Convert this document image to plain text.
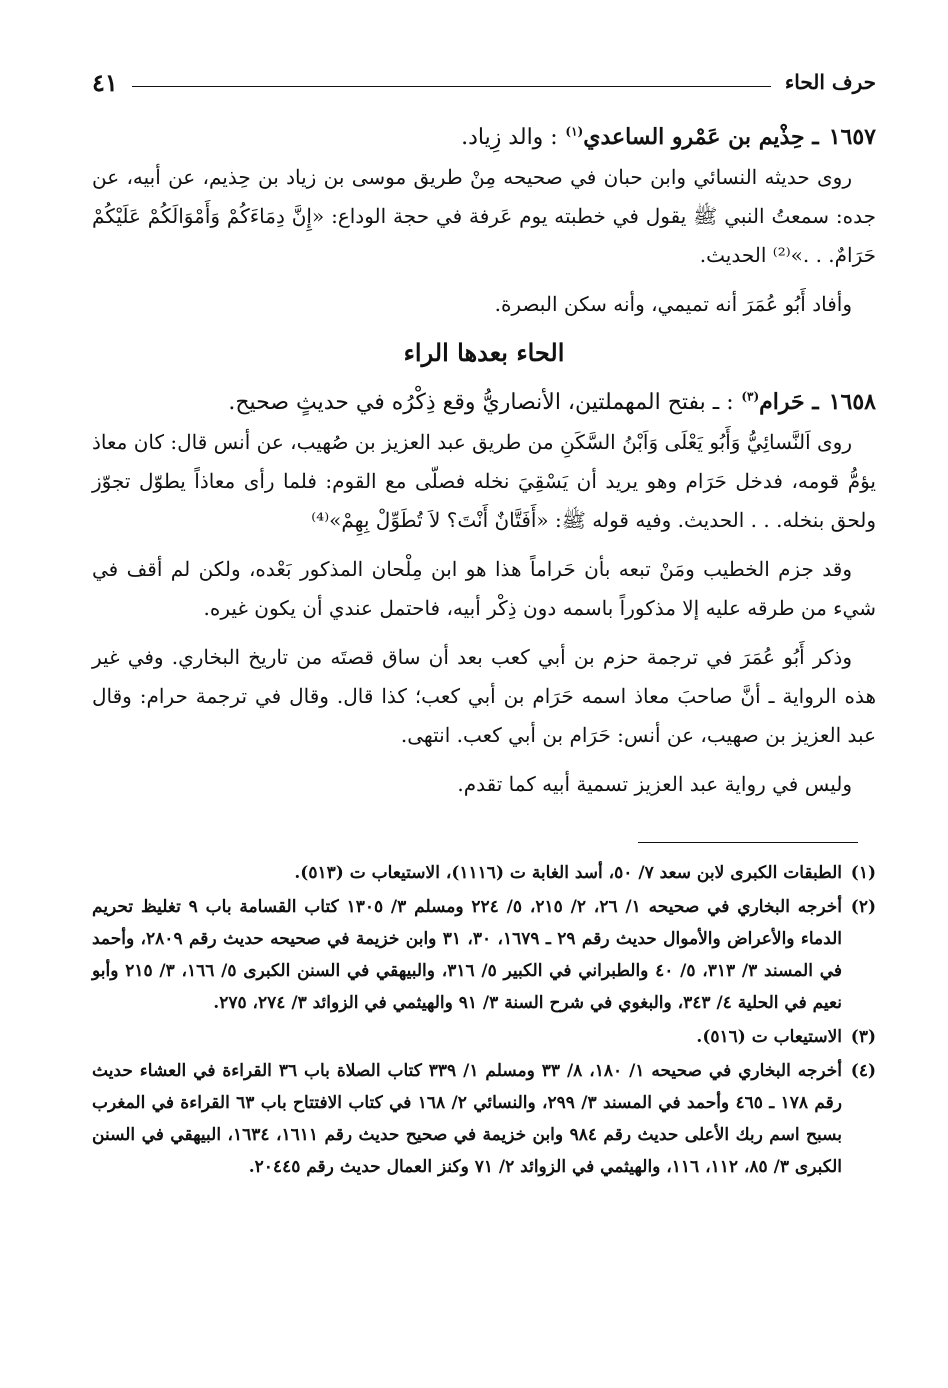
حرف الحاء
٤١
١٦٥٧ـ حِذْيم بن عَمْرو الساعدي$^{(١)}$ : والد زِياد.

روى حديثه النسائي وابن حبان في صحيحه مِنْ طريق موسى بن زياد بن حِذيم، عن أبيه، عن جده: سمعتُ النبي ﷺ يقول في خطبته يوم عَرفة في حجة الوداع: «إِنَّ دِمَاءَكُمْ وَأَمْوَالَكُمْ عَلَيْكُمْ حَرَامٌ. . .»⁽²⁾ الحديث.

وأفاد أَبُو عُمَرَ أنه تميمي، وأنه سكن البصرة.

الحاء بعدها الراء
١٦٥٨ـ حَرام$^{(٣)}$ : ـ بفتح المهملتين، الأنصاريُّ وقع ذِكْرُه في حديثٍ صحيح.

روى اَلنَّسائِيُّ وَأَبُو يَعْلَى وَاَبْنُ السَّكَنِ من طريق عبد العزيز بن صُهيب، عن أنس قال: كان معاذ يؤمُّ قومه، فدخل حَرَام وهو يريد أن يَسْقِيَ نخله فصلّى مع القوم: فلما رأى معاذاً يطوّل تجوّز ولحق بنخله. . . الحديث. وفيه قوله ﷺ: «أَفَتَّانٌ أَنْتَ؟ لاَ تُطَوِّلْ بِهِمْ»⁽⁴⁾

وقد جزم الخطيب ومَنْ تبعه بأن حَراماً هذا هو ابن مِلْحان المذكور بَعْده، ولكن لم أقف في شيء من طرقه عليه إلا مذكوراً باسمه دون ذِكْر أبيه، فاحتمل عندي أن يكون غيره.

وذكر أَبُو عُمَرَ في ترجمة حزم بن أبي كعب بعد أن ساق قصتَه من تاريخ البخاري. وفي غير هذه الرواية ـ أنَّ صاحبَ معاذ اسمه حَرَام بن أبي كعب؛ كذا قال. وقال في ترجمة حرام: وقال عبد العزيز بن صهيب، عن أنس: حَرَام بن أبي كعب. انتهى.

وليس في رواية عبد العزيز تسمية أبيه كما تقدم.

(١)
الطبقات الكبرى لابن سعد ٧/ ٥٠، أسد الغابة ت (١١١٦)، الاستيعاب ت (٥١٣).
(٢)
أخرجه البخاري في صحيحه ١/ ٢٦، ٢/ ٢١٥، ٥/ ٢٢٤ ومسلم ٣/ ١٣٠٥ كتاب القسامة باب ٩ تغليظ تحريم الدماء والأعراض والأموال حديث رقم ٢٩ ـ ١٦٧٩، ٣٠، ٣١ وابن خزيمة في صحيحه حديث رقم ٢٨٠٩، وأحمد في المسند ٣/ ٣١٣، ٥/ ٤٠ والطبراني في الكبير ٥/ ٣١٦، والبيهقي في السنن الكبرى ٥/ ١٦٦، ٣/ ٢١٥ وأبو نعيم في الحلية ٤/ ٣٤٣، والبغوي في شرح السنة ٣/ ٩١ والهيثمي في الزوائد ٣/ ٢٧٤، ٢٧٥.
(٣)
الاستيعاب ت (٥١٦).
(٤)
أخرجه البخاري في صحيحه ١/ ١٨٠، ٨/ ٣٣ ومسلم ١/ ٣٣٩ كتاب الصلاة باب ٣٦ القراءة في العشاء حديث رقم ١٧٨ ـ ٤٦٥ وأحمد في المسند ٣/ ٢٩٩، والنسائي ٢/ ١٦٨ في كتاب الافتتاح باب ٦٣ القراءة في المغرب بسبح اسم ربك الأعلى حديث رقم ٩٨٤ وابن خزيمة في صحيح حديث رقم ١٦١١، ١٦٣٤، البيهقي في السنن الكبرى ٣/ ٨٥، ١١٢، ١١٦، والهيثمي في الزوائد ٢/ ٧١ وكنز العمال حديث رقم ٢٠٤٤٥.
